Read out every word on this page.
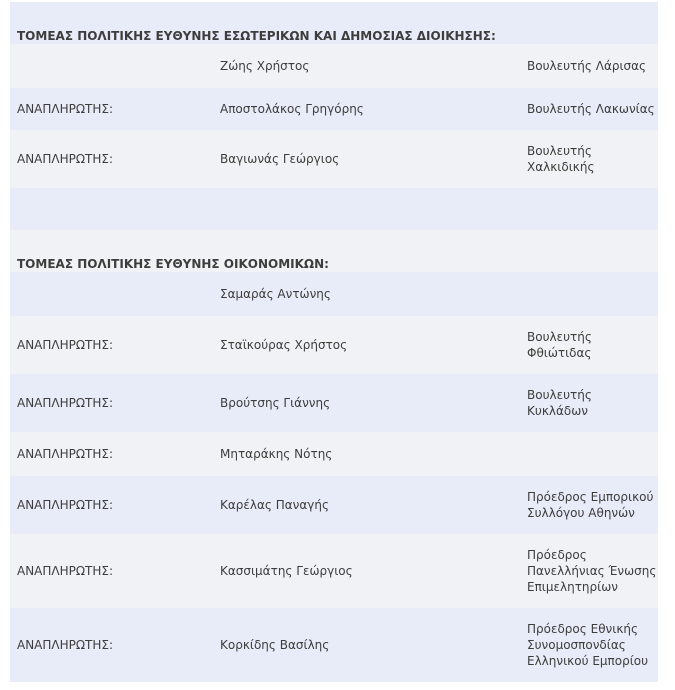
ΤΟΜΕΑΣ ΠΟΛΙΤΙΚΗΣ ΕΥΘΥΝΗΣ ΕΣΩΤΕΡΙΚΩΝ ΚΑΙ ΔΗΜΟΣΙΑΣ ΔΙΟΙΚΗΣΗΣ:		
	Ζώης Χρήστος	Βουλευτής Λάρισας
ΑΝΑΠΛΗΡΩΤΗΣ:	Αποστολάκος Γρηγόρης	Βουλευτής Λακωνίας
ΑΝΑΠΛΗΡΩΤΗΣ:	Βαγιωνάς Γεώργιος	Βουλευτής
Χαλκιδικής

ΤΟΜΕΑΣ ΠΟΛΙΤΙΚΗΣ ΕΥΘΥΝΗΣ ΟΙΚΟΝΟΜΙΚΩΝ:		
	Σαμαράς Αντώνης	
ΑΝΑΠΛΗΡΩΤΗΣ:	Σταϊκούρας Χρήστος	Βουλευτής
Φθιώτιδας

ΑΝΑΠΛΗΡΩΤΗΣ:	Βρούτσης Γιάννης	Βουλευτής
Κυκλάδων

ΑΝΑΠΛΗΡΩΤΗΣ:	Μηταράκης Νότης	
ΑΝΑΠΛΗΡΩΤΗΣ:	Καρέλας Παναγής	Πρόεδρος Εμπορικού
Συλλόγου Αθηνών

ΑΝΑΠΛΗΡΩΤΗΣ:	Κασσιμάτης Γεώργιος	Πρόεδρος
Πανελλήνιας Ένωσης
Επιμελητηρίων

ΑΝΑΠΛΗΡΩΤΗΣ:	Κορκίδης Βασίλης	Πρόεδρος Εθνικής
Συνομοσπονδίας
Ελληνικού Εμπορίου
